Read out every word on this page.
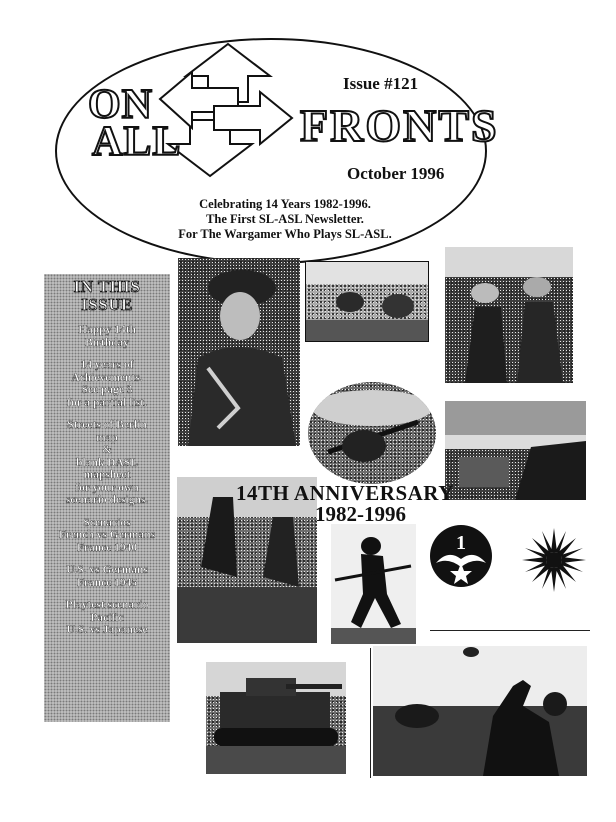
ON
ALL	FRONTS
Issue #121
October 1996
Celebrating 14 Years 1982-1996.
The First SL-ASL Newsletter.
For The Wargamer Who Plays SL-ASL.
IN THIS
ISSUE
Happy 14th
Birthday
14 years of
Achievements.
See page 3
for a partial list.
Streets of Berlin
map
&
blank DASL
mapsheet
for your own
scenario designs.
Scenarios
French vs Germans
France 1940
U.S. vs Germans
France 1945
Playtest scenario
Pacific
U.S. vs Japanese
1
14TH ANNIVERSARY
1982-1996
